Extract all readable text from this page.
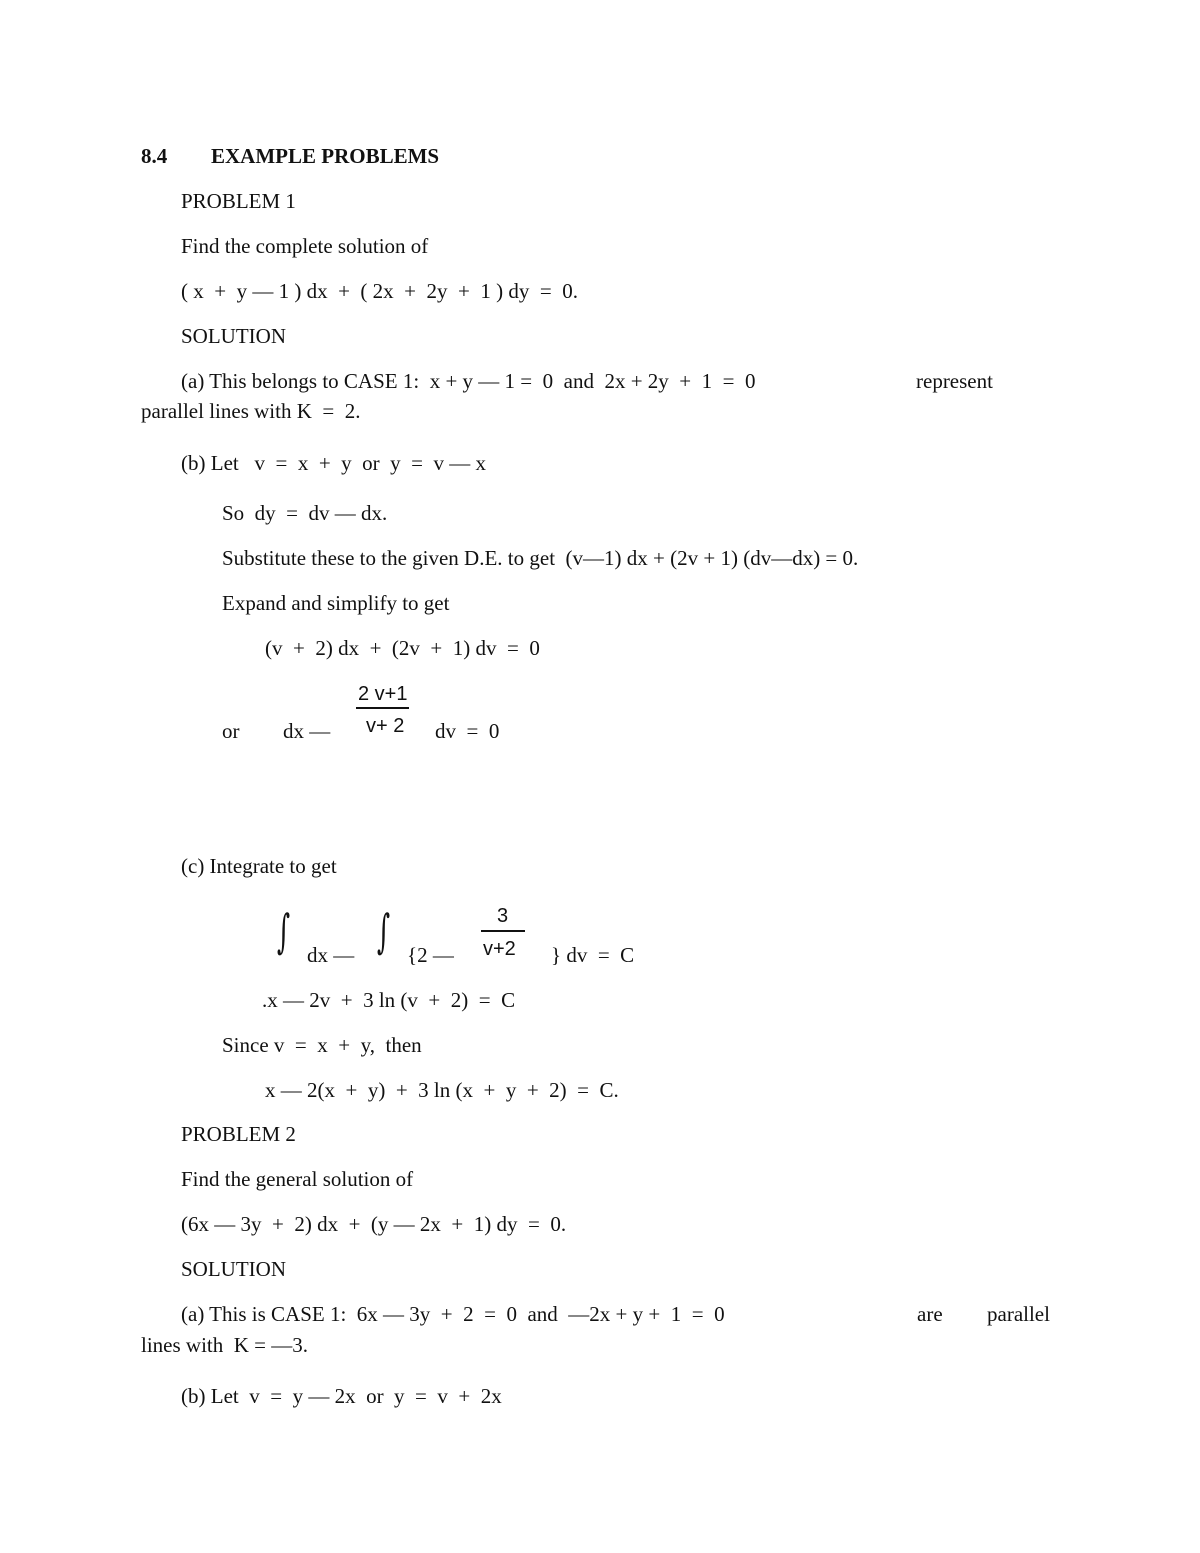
8.4 EXAMPLE PROBLEMS
PROBLEM 1
Find the complete solution of
( x  +  y — 1 ) dx  +  ( 2x  +  2y  +  1 ) dy  =  0.
SOLUTION
(a) This belongs to CASE 1:  x + y — 1 =  0  and  2x + 2y  +  1  =  0	represent
parallel lines with K  =  2.
(b) Let   v  =  x  +  y  or  y  =  v — x
So  dy  =  dv — dx.
Substitute these to the given D.E. to get  (v—1) dx + (2v + 1) (dv—dx) = 0.
Expand and simplify to get
(v  +  2) dx  +  (2v  +  1) dv  =  0
or dx —
2 v+1
v+ 2 dv  =  0
(c) Integrate to get
∫ dx — ∫ {2 —
3
v+2 } dv  =  C
.x — 2v  +  3 ln (v  +  2)  =  C
Since v  =  x  +  y,  then
x — 2(x  +  y)  +  3 ln (x  +  y  +  2)  =  C.
PROBLEM 2
Find the general solution of
(6x — 3y  +  2) dx  +  (y — 2x  +  1) dy  =  0.
SOLUTION
(a) This is CASE 1:  6x — 3y  +  2  =  0  and  —2x + y +  1  =  0	are parallel
lines with  K = —3.
(b) Let  v  =  y — 2x  or  y  =  v  +  2x
